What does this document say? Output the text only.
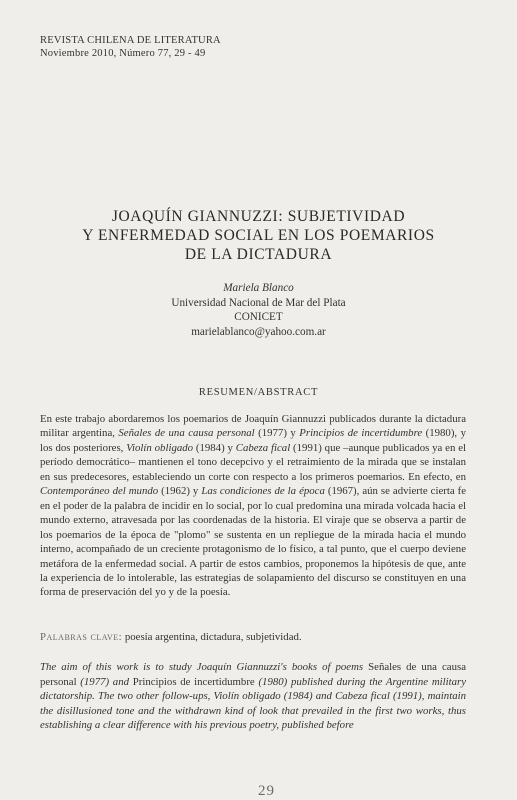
REVISTA CHILENA DE LITERATURA
Noviembre 2010, Número 77, 29 - 49
JOAQUÍN GIANNUZZI: SUBJETIVIDAD
Y ENFERMEDAD SOCIAL EN LOS POEMARIOS
DE LA DICTADURA
Mariela Blanco
Universidad Nacional de Mar del Plata
CONICET
marielablanco@yahoo.com.ar
RESUMEN/ABSTRACT

En este trabajo abordaremos los poemarios de Joaquín Giannuzzi publicados durante la dictadura militar argentina, Señales de una causa personal (1977) y Principios de incertidumbre (1980), y los dos posteriores, Violín obligado (1984) y Cabeza fical (1991) que –aunque publicados ya en el período democrático– mantienen el tono decepcivo y el retraimiento de la mirada que se instalan en sus predecesores, estableciendo un corte con respecto a los primeros poemarios. En efecto, en Contemporáneo del mundo (1962) y Las condiciones de la época (1967), aún se advierte cierta fe en el poder de la palabra de incidir en lo social, por lo cual predomina una mirada volcada hacia el mundo externo, atravesada por las coordenadas de la historia. El viraje que se observa a partir de los poemarios de la época de "plomo" se sustenta en un repliegue de la mirada hacia el mundo interno, acompañado de un creciente protagonismo de lo físico, a tal punto, que el cuerpo deviene metáfora de la enfermedad social. A partir de estos cambios, proponemos la hipótesis de que, ante la experiencia de lo intolerable, las estrategias de solapamiento del discurso se constituyen en una forma de preservación del yo y de la poesía.

Palabras clave: poesía argentina, dictadura, subjetividad.

The aim of this work is to study Joaquín Giannuzzi's books of poems Señales de una causa personal (1977) and Principios de incertidumbre (1980) published during the Argentine military dictatorship. The two other follow-ups, Violín obligado (1984) and Cabeza fical (1991), maintain the disillusioned tone and the withdrawn kind of look that prevailed in the first two works, thus establishing a clear difference with his previous poetry, published before

29
